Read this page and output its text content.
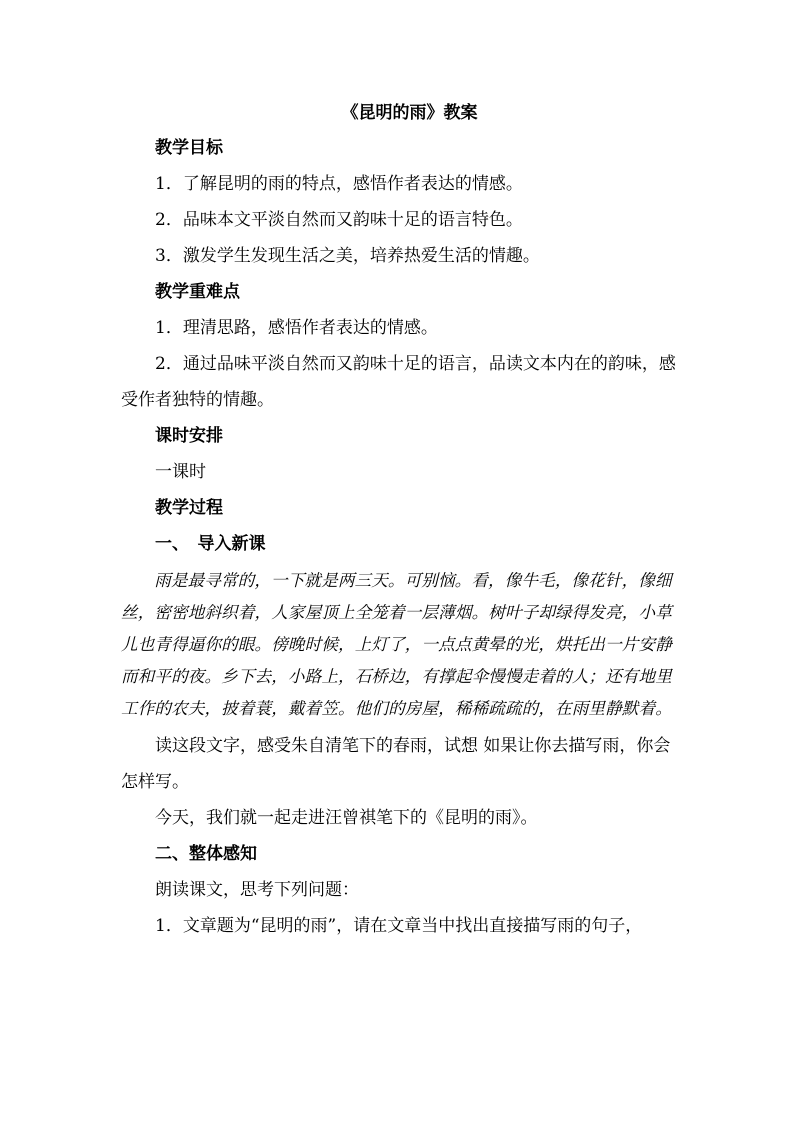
《昆明的雨》教案
教学目标

1．了解昆明的雨的特点，感悟作者表达的情感。

2．品味本文平淡自然而又韵味十足的语言特色。

3．激发学生发现生活之美，培养热爱生活的情趣。

教学重难点

1．理清思路，感悟作者表达的情感。

2．通过品味平淡自然而又韵味十足的语言，品读文本内在的韵味，感受作者独特的情趣。

课时安排

一课时

教学过程
一、　导入新课

雨是最寻常的，一下就是两三天。可别恼。看，像牛毛，像花针，像细丝，密密地斜织着，人家屋顶上全笼着一层薄烟。树叶子却绿得发亮，小草儿也青得逼你的眼。傍晚时候，上灯了，一点点黄晕的光，烘托出一片安静而和平的夜。乡下去，小路上，石桥边，有撑起伞慢慢走着的人；还有地里工作的农夫，披着蓑，戴着笠。他们的房屋，稀稀疏疏的，在雨里静默着。

读这段文字，感受朱自清笔下的春雨，试想 如果让你去描写雨，你会怎样写。

今天，我们就一起走进汪曾祺笔下的《昆明的雨》。

二、整体感知

朗读课文，思考下列问题：

1．文章题为“昆明的雨”，请在文章当中找出直接描写雨的句子，
